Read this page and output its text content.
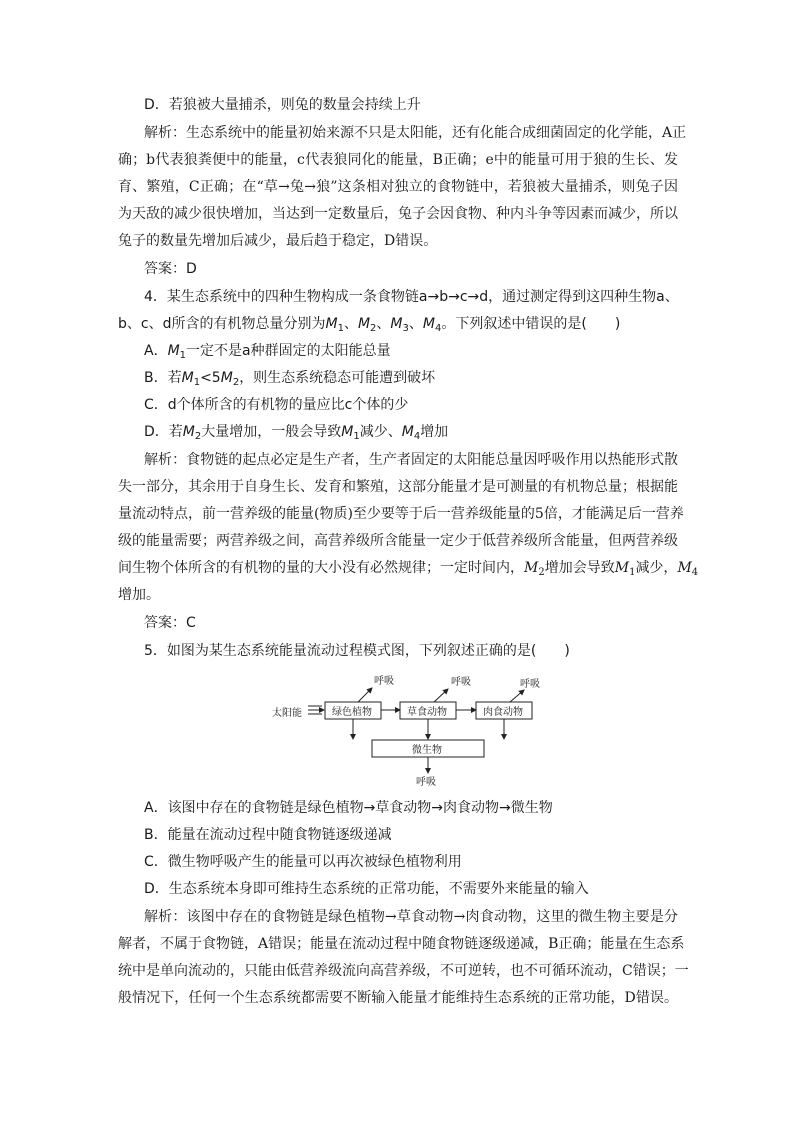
D．若狼被大量捕杀，则兔的数量会持续上升
解析：生态系统中的能量初始来源不只是太阳能，还有化能合成细菌固定的化学能，A正
确；b代表狼粪便中的能量，c代表狼同化的能量，B正确；e中的能量可用于狼的生长、发
育、繁殖，C正确；在“草→兔→狼”这条相对独立的食物链中，若狼被大量捕杀，则兔子因
为天敌的减少很快增加，当达到一定数量后，兔子会因食物、种内斗争等因素而减少，所以
兔子的数量先增加后减少，最后趋于稳定，D错误。
答案：D
4．某生态系统中的四种生物构成一条食物链a→b→c→d，通过测定得到这四种生物a、
b、c、d所含的有机物总量分别为$M_1$、$M_2$、$M_3$、$M_4$。下列叙述中错误的是(　　)
A．$M_1$一定不是a种群固定的太阳能总量
B．若$M_1<5M_2$，则生态系统稳态可能遭到破坏
C．d个体所含的有机物的量应比c个体的少
D．若$M_2$大量增加，一般会导致$M_1$减少、$M_4$增加
解析：食物链的起点必定是生产者，生产者固定的太阳能总量因呼吸作用以热能形式散
失一部分，其余用于自身生长、发育和繁殖，这部分能量才是可测量的有机物总量；根据能
量流动特点，前一营养级的能量(物质)至少要等于后一营养级能量的5倍，才能满足后一营养
级的能量需要；两营养级之间，高营养级所含能量一定少于低营养级所含能量，但两营养级
间生物个体所含的有机物的量的大小没有必然规律；一定时间内，$M_2$增加会导致$M_1$减少，$M_4$
增加。
答案：C
5．如图为某生态系统能量流动过程模式图，下列叙述正确的是(　　)
太阳能	绿色植物	草食动物	肉食动物
呼吸	呼吸	呼吸
微生物
呼吸
A．该图中存在的食物链是绿色植物→草食动物→肉食动物→微生物
B．能量在流动过程中随食物链逐级递减
C．微生物呼吸产生的能量可以再次被绿色植物利用
D．生态系统本身即可维持生态系统的正常功能，不需要外来能量的输入
解析：该图中存在的食物链是绿色植物→草食动物→肉食动物，这里的微生物主要是分
解者，不属于食物链，A错误；能量在流动过程中随食物链逐级递减，B正确；能量在生态系
统中是单向流动的，只能由低营养级流向高营养级，不可逆转，也不可循环流动，C错误；一
般情况下，任何一个生态系统都需要不断输入能量才能维持生态系统的正常功能，D错误。
